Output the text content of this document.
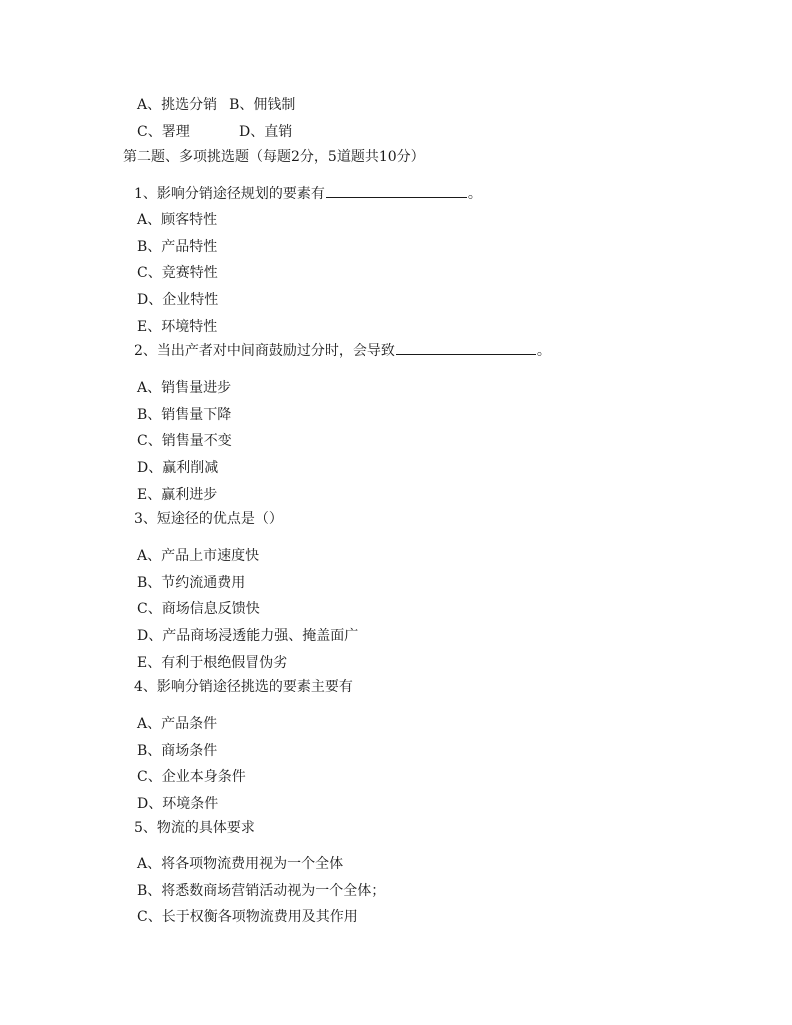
A、挑选分销 B、佣钱制
C、署理	D、直销
第二题、多项挑选题（每题2分，5道题共10分）
1、影响分销途径规划的要素有	。
A、顾客特性
B、产品特性
C、竞赛特性
D、企业特性
E、环境特性
2、当出产者对中间商鼓励过分时，会导致	。
A、销售量进步
B、销售量下降
C、销售量不变
D、赢利削减
E、赢利进步
3、短途径的优点是（）
A、产品上市速度快
B、节约流通费用
C、商场信息反馈快
D、产品商场浸透能力强、掩盖面广
E、有利于根绝假冒伪劣
4、影响分销途径挑选的要素主要有
A、产品条件
B、商场条件
C、企业本身条件
D、环境条件
5、物流的具体要求
A、将各项物流费用视为一个全体
B、将悉数商场营销活动视为一个全体；
C、长于权衡各项物流费用及其作用
